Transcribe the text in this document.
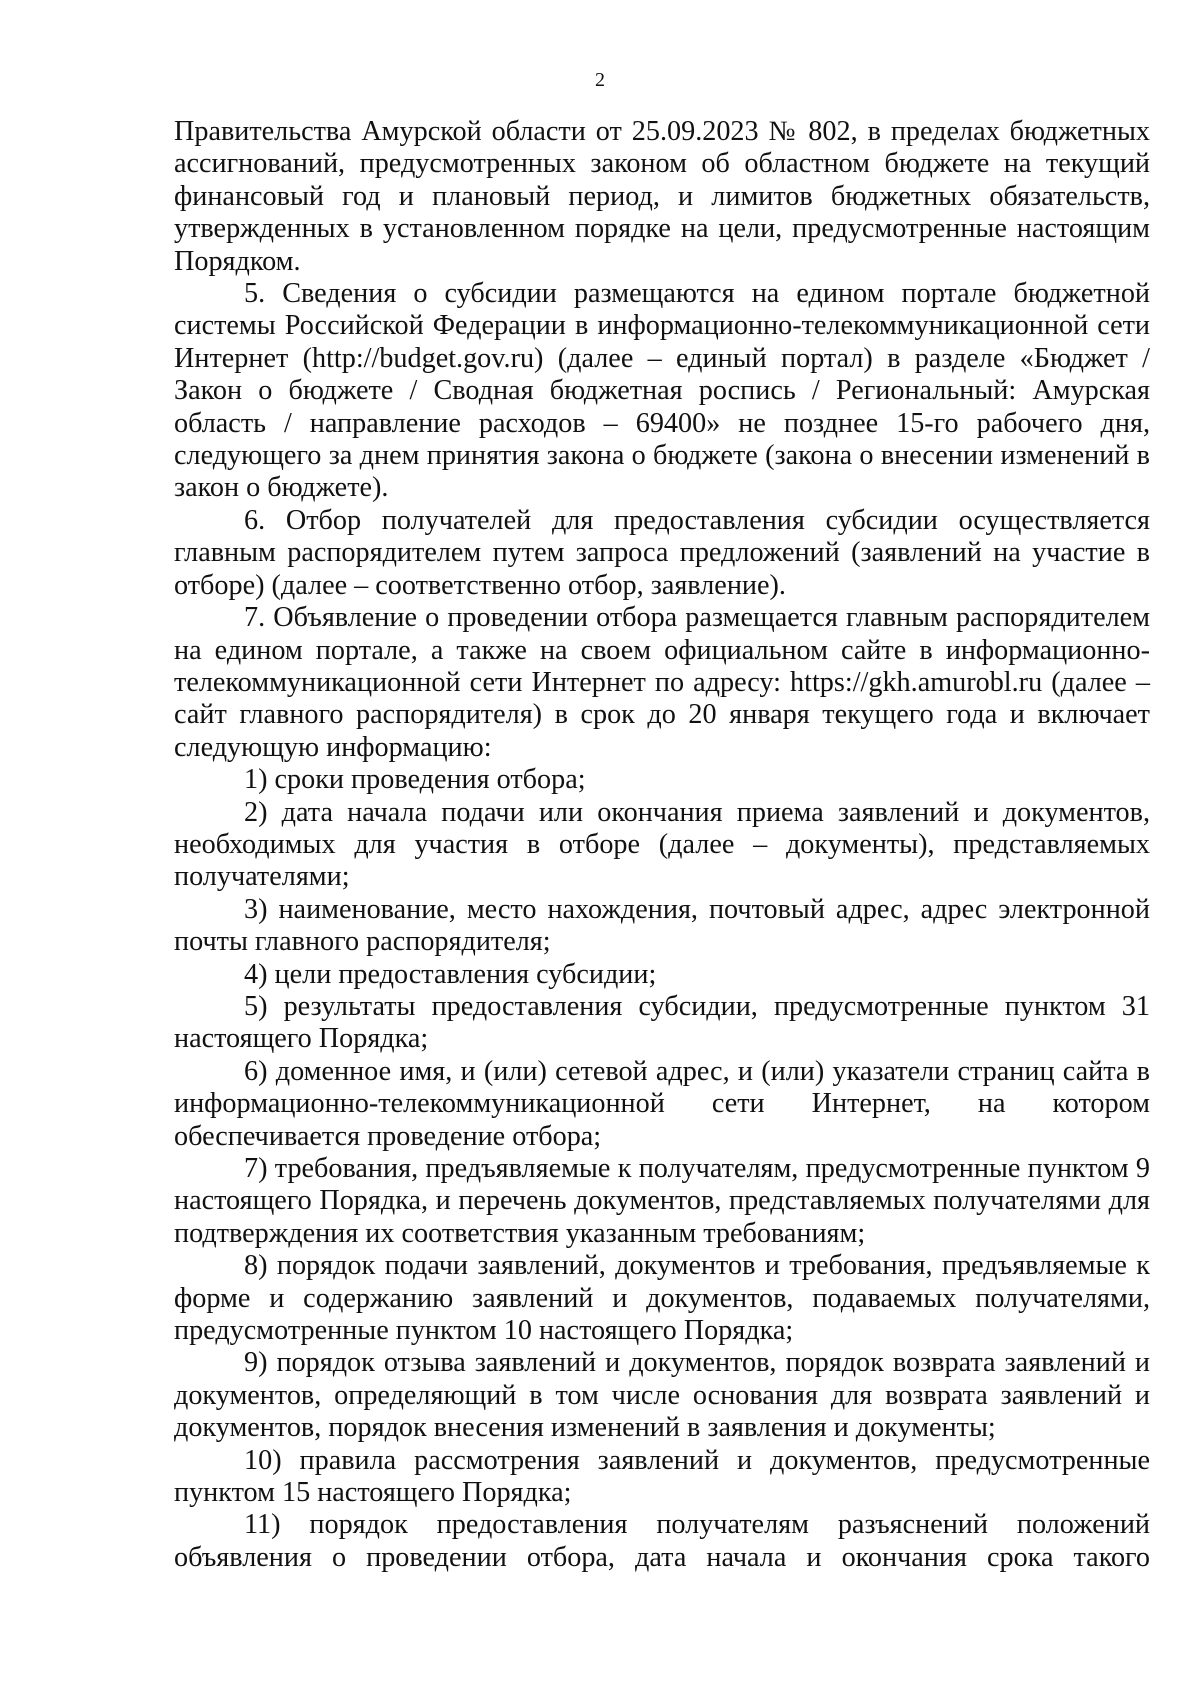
2

Правительства Амурской области от 25.09.2023 № 802, в пределах бюджетных ассигнований, предусмотренных законом об областном бюджете на текущий финансовый год и плановый период, и лимитов бюджетных обязательств, утвержденных в установленном порядке на цели, предусмотренные настоящим Порядком.

5. Сведения о субсидии размещаются на едином портале бюджетной системы Российской Федерации в информационно-телекоммуникационной сети Интернет (http://budget.gov.ru) (далее – единый портал) в разделе «Бюджет / Закон о бюджете / Сводная бюджетная роспись / Региональный: Амурская область / направление расходов – 69400» не позднее 15-го рабочего дня, следующего за днем принятия закона о бюджете (закона о внесении изменений в закон о бюджете).

6. Отбор получателей для предоставления субсидии осуществляется главным распорядителем путем запроса предложений (заявлений на участие в отборе) (далее – соответственно отбор, заявление).

7. Объявление о проведении отбора размещается главным распорядителем на едином портале, а также на своем официальном сайте в информационно-телекоммуникационной сети Интернет по адресу: https://gkh.amurobl.ru (далее – сайт главного распорядителя) в срок до 20 января текущего года и включает следующую информацию:

1) сроки проведения отбора;

2) дата начала подачи или окончания приема заявлений и документов, необходимых для участия в отборе (далее – документы), представляемых получателями;

3) наименование, место нахождения, почтовый адрес, адрес электронной почты главного распорядителя;

4) цели предоставления субсидии;

5) результаты предоставления субсидии, предусмотренные пунктом 31 настоящего Порядка;

6) доменное имя, и (или) сетевой адрес, и (или) указатели страниц сайта в информационно-телекоммуникационной сети Интернет, на котором обеспечивается проведение отбора;

7) требования, предъявляемые к получателям, предусмотренные пунктом 9 настоящего Порядка, и перечень документов, представляемых получателями для подтверждения их соответствия указанным требованиям;

8) порядок подачи заявлений, документов и требования, предъявляемые к форме и содержанию заявлений и документов, подаваемых получателями, предусмотренные пунктом 10 настоящего Порядка;

9) порядок отзыва заявлений и документов, порядок возврата заявлений и документов, определяющий в том числе основания для возврата заявлений и документов, порядок внесения изменений в заявления и документы;

10) правила рассмотрения заявлений и документов, предусмотренные пунктом 15 настоящего Порядка;

11) порядок предоставления получателям разъяснений положений объявления о проведении отбора, дата начала и окончания срока такого
